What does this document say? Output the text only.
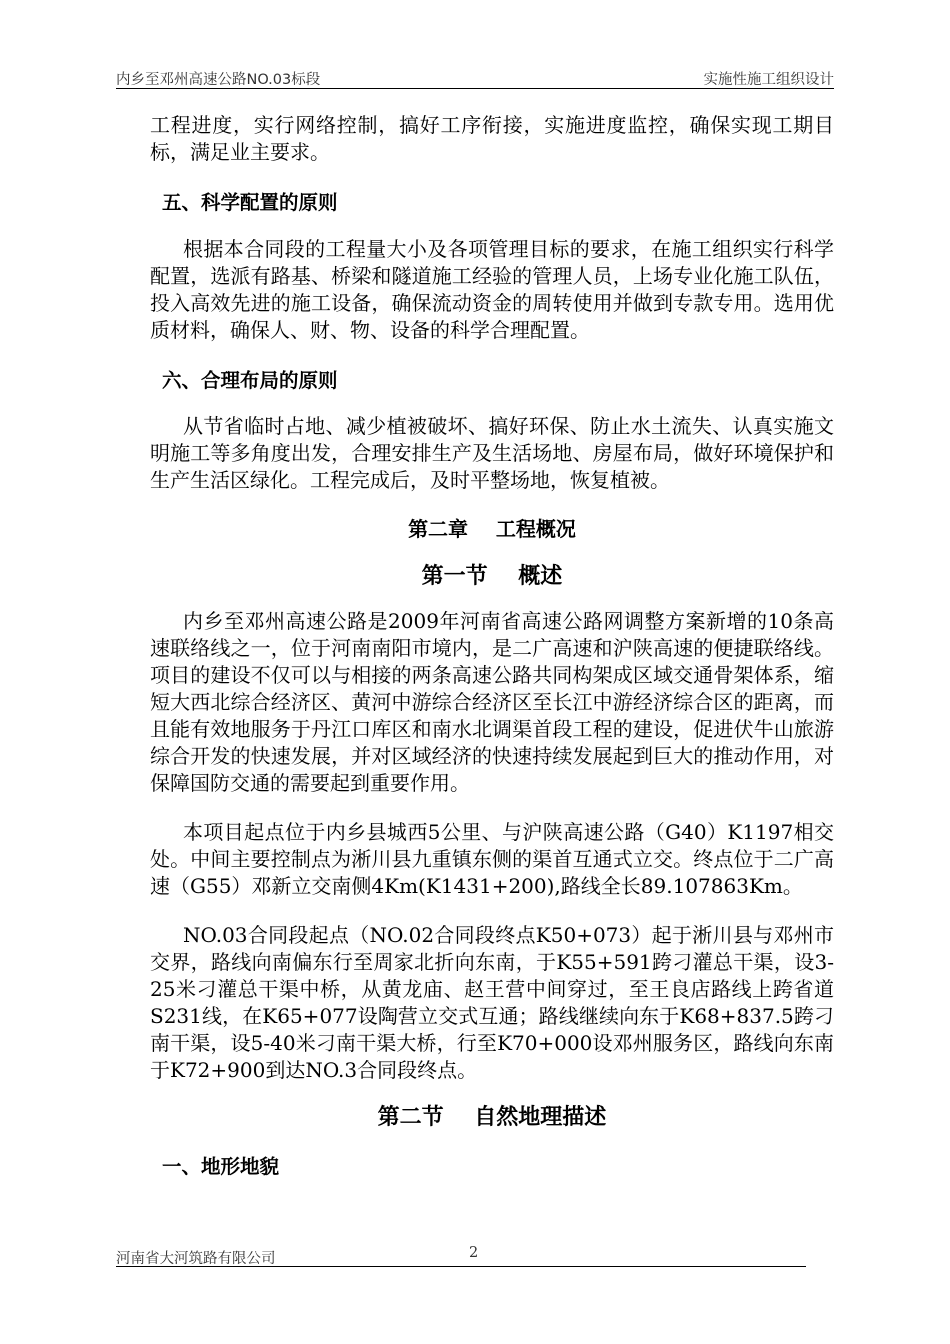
内乡至邓州高速公路NO.03标段	实施性施工组织设计

工程进度，实行网络控制，搞好工序衔接，实施进度监控，确保实现工期目标，满足业主要求。

五、科学配置的原则

根据本合同段的工程量大小及各项管理目标的要求，在施工组织实行科学配置，选派有路基、桥梁和隧道施工经验的管理人员，上场专业化施工队伍，投入高效先进的施工设备，确保流动资金的周转使用并做到专款专用。选用优质材料，确保人、财、物、设备的科学合理配置。

六、合理布局的原则

从节省临时占地、减少植被破坏、搞好环保、防止水土流失、认真实施文明施工等多角度出发，合理安排生产及生活场地、房屋布局，做好环境保护和生产生活区绿化。工程完成后，及时平整场地，恢复植被。

第二章    工程概况

第一节    概述

内乡至邓州高速公路是2009年河南省高速公路网调整方案新增的10条高速联络线之一，位于河南南阳市境内，是二广高速和沪陕高速的便捷联络线。项目的建设不仅可以与相接的两条高速公路共同构架成区域交通骨架体系，缩短大西北综合经济区、黄河中游综合经济区至长江中游经济综合区的距离，而且能有效地服务于丹江口库区和南水北调渠首段工程的建设，促进伏牛山旅游综合开发的快速发展，并对区域经济的快速持续发展起到巨大的推动作用，对保障国防交通的需要起到重要作用。

本项目起点位于内乡县城西5公里、与沪陕高速公路（G40）K1197相交处。中间主要控制点为淅川县九重镇东侧的渠首互通式立交。终点位于二广高速（G55）邓新立交南侧4Km(K1431+200),路线全长89.107863Km。

NO.03合同段起点（NO.02合同段终点K50+073）起于淅川县与邓州市交界，路线向南偏东行至周家北折向东南，于K55+591跨刁灌总干渠，设3-25米刁灌总干渠中桥，从黄龙庙、赵王营中间穿过，至王良店路线上跨省道S231线，在K65+077设陶营立交式互通；路线继续向东于K68+837.5跨刁南干渠，设5-40米刁南干渠大桥，行至K70+000设邓州服务区，路线向东南于K72+900到达NO.3合同段终点。

第二节    自然地理描述

一、地形地貌

河南省大河筑路有限公司	2
